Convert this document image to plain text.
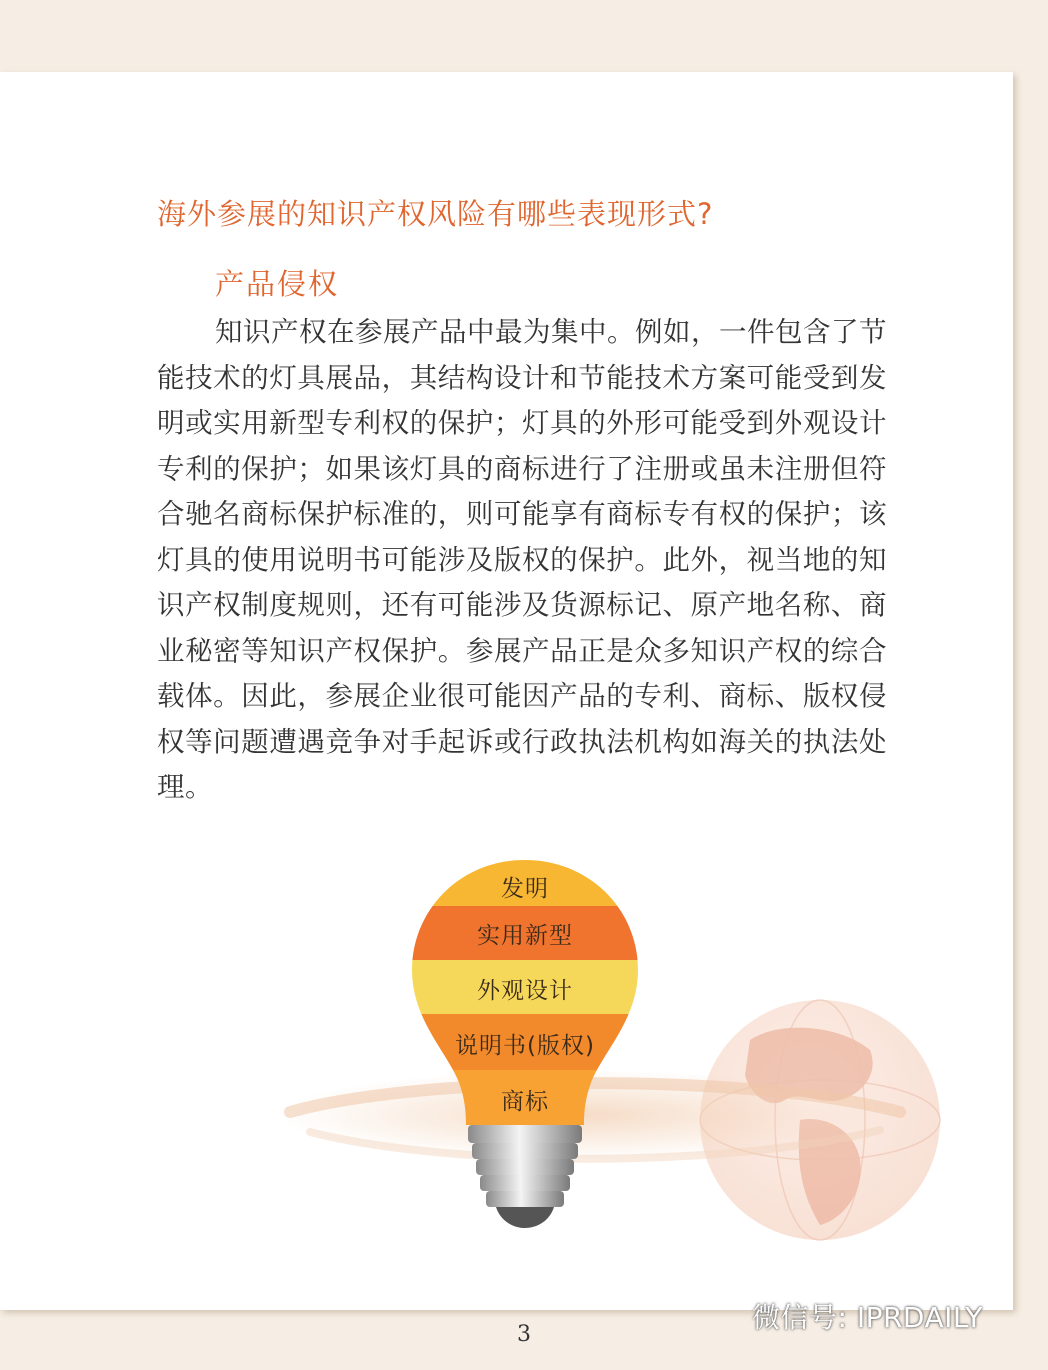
海外参展的知识产权风险有哪些表现形式?
产品侵权

知识产权在参展产品中最为集中。例如，一件包含了节能技术的灯具展品，其结构设计和节能技术方案可能受到发明或实用新型专利权的保护；灯具的外形可能受到外观设计专利的保护；如果该灯具的商标进行了注册或虽未注册但符合驰名商标保护标准的，则可能享有商标专有权的保护；该灯具的使用说明书可能涉及版权的保护。此外，视当地的知识产权制度规则，还有可能涉及货源标记、原产地名称、商业秘密等知识产权保护。参展产品正是众多知识产权的综合载体。因此，参展企业很可能因产品的专利、商标、版权侵权等问题遭遇竞争对手起诉或行政执法机构如海关的执法处理。

发明
实用新型
外观设计
说明书(版权)
商标
3
微信号: IPRDAILY
